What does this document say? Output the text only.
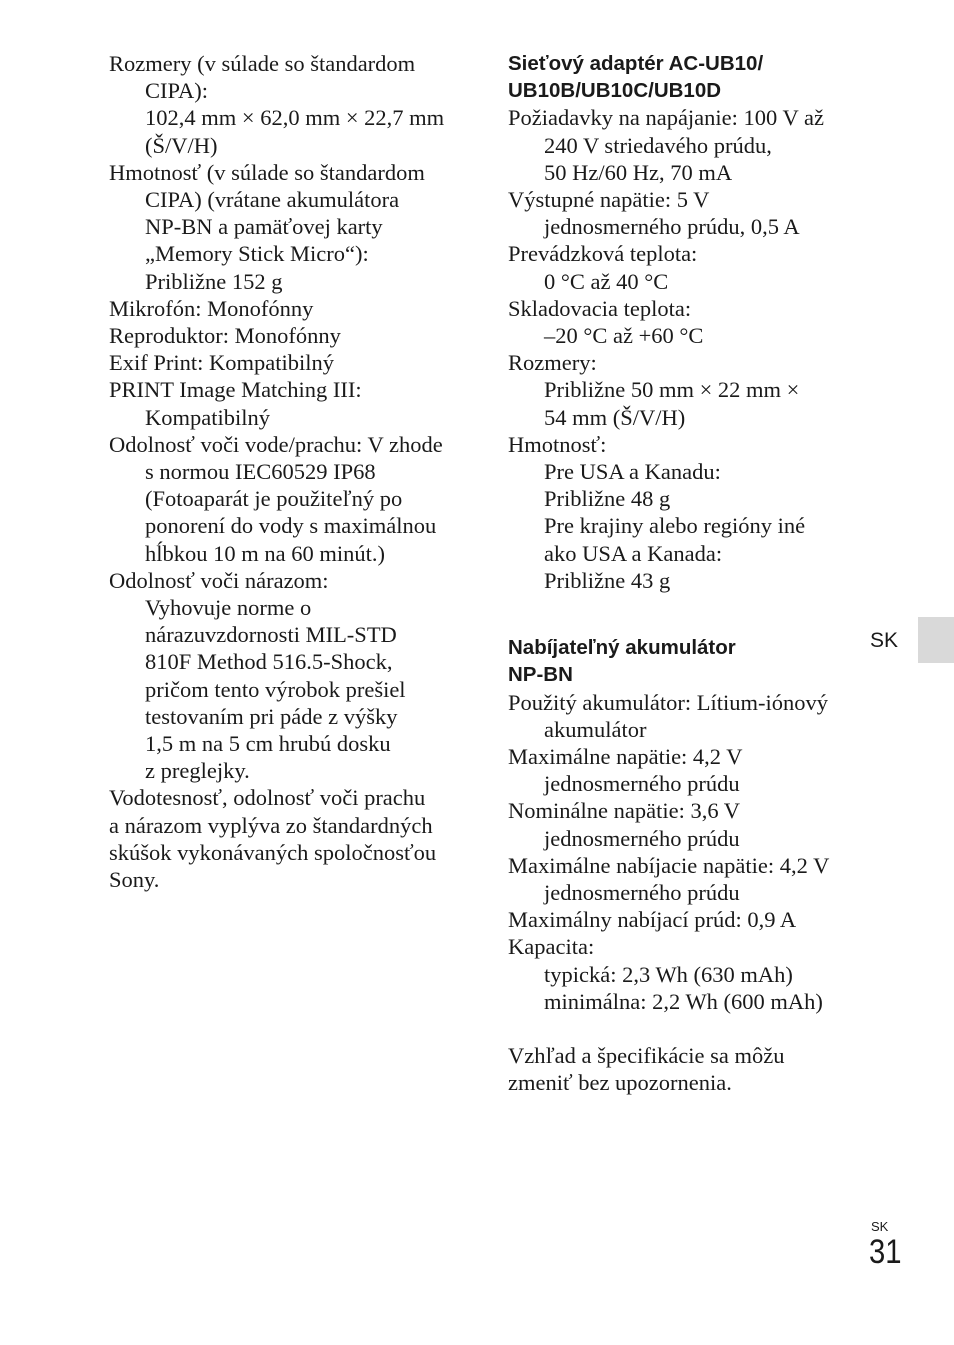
Rozmery (v súlade so štandardom
CIPA):
102,4 mm × 62,0 mm × 22,7 mm
(Š/V/H)
Hmotnosť (v súlade so štandardom
CIPA) (vrátane akumulátora
NP-BN a pamäťovej karty
„Memory Stick Micro“):
Približne 152 g
Mikrofón: Monofónny
Reproduktor: Monofónny
Exif Print: Kompatibilný
PRINT Image Matching III:
Kompatibilný
Odolnosť voči vode/prachu: V zhode
s normou IEC60529 IP68
(Fotoaparát je použiteľný po
ponorení do vody s maximálnou
hĺbkou 10 m na 60 minút.)
Odolnosť voči nárazom:
Vyhovuje norme o
nárazuvzdornosti MIL-STD
810F Method 516.5-Shock,
pričom tento výrobok prešiel
testovaním pri páde z výšky
1,5 m na 5 cm hrubú dosku
z preglejky.
Vodotesnosť, odolnosť voči prachu
a nárazom vyplýva zo štandardných
skúšok vykonávaných spoločnosťou
Sony.
Sieťový adaptér AC-UB10/
UB10B/UB10C/UB10D
Požiadavky na napájanie: 100 V až
240 V striedavého prúdu,
50 Hz/60 Hz, 70 mA
Výstupné napätie: 5 V
jednosmerného prúdu, 0,5 A
Prevádzková teplota:
0 °C až 40 °C
Skladovacia teplota:
–20 °C až +60 °C
Rozmery:
Približne 50 mm × 22 mm ×
54 mm (Š/V/H)
Hmotnosť:
Pre USA a Kanadu:
Približne 48 g
Pre krajiny alebo regióny iné
ako USA a Kanada:
Približne 43 g
Nabíjateľný akumulátor
NP-BN
Použitý akumulátor: Lítium-iónový
akumulátor
Maximálne napätie: 4,2 V
jednosmerného prúdu
Nominálne napätie: 3,6 V
jednosmerného prúdu
Maximálne nabíjacie napätie: 4,2 V
jednosmerného prúdu
Maximálny nabíjací prúd: 0,9 A
Kapacita:
typická: 2,3 Wh (630 mAh)
minimálna: 2,2 Wh (600 mAh)
Vzhľad a špecifikácie sa môžu
zmeniť bez upozornenia.
SK
SK
31
